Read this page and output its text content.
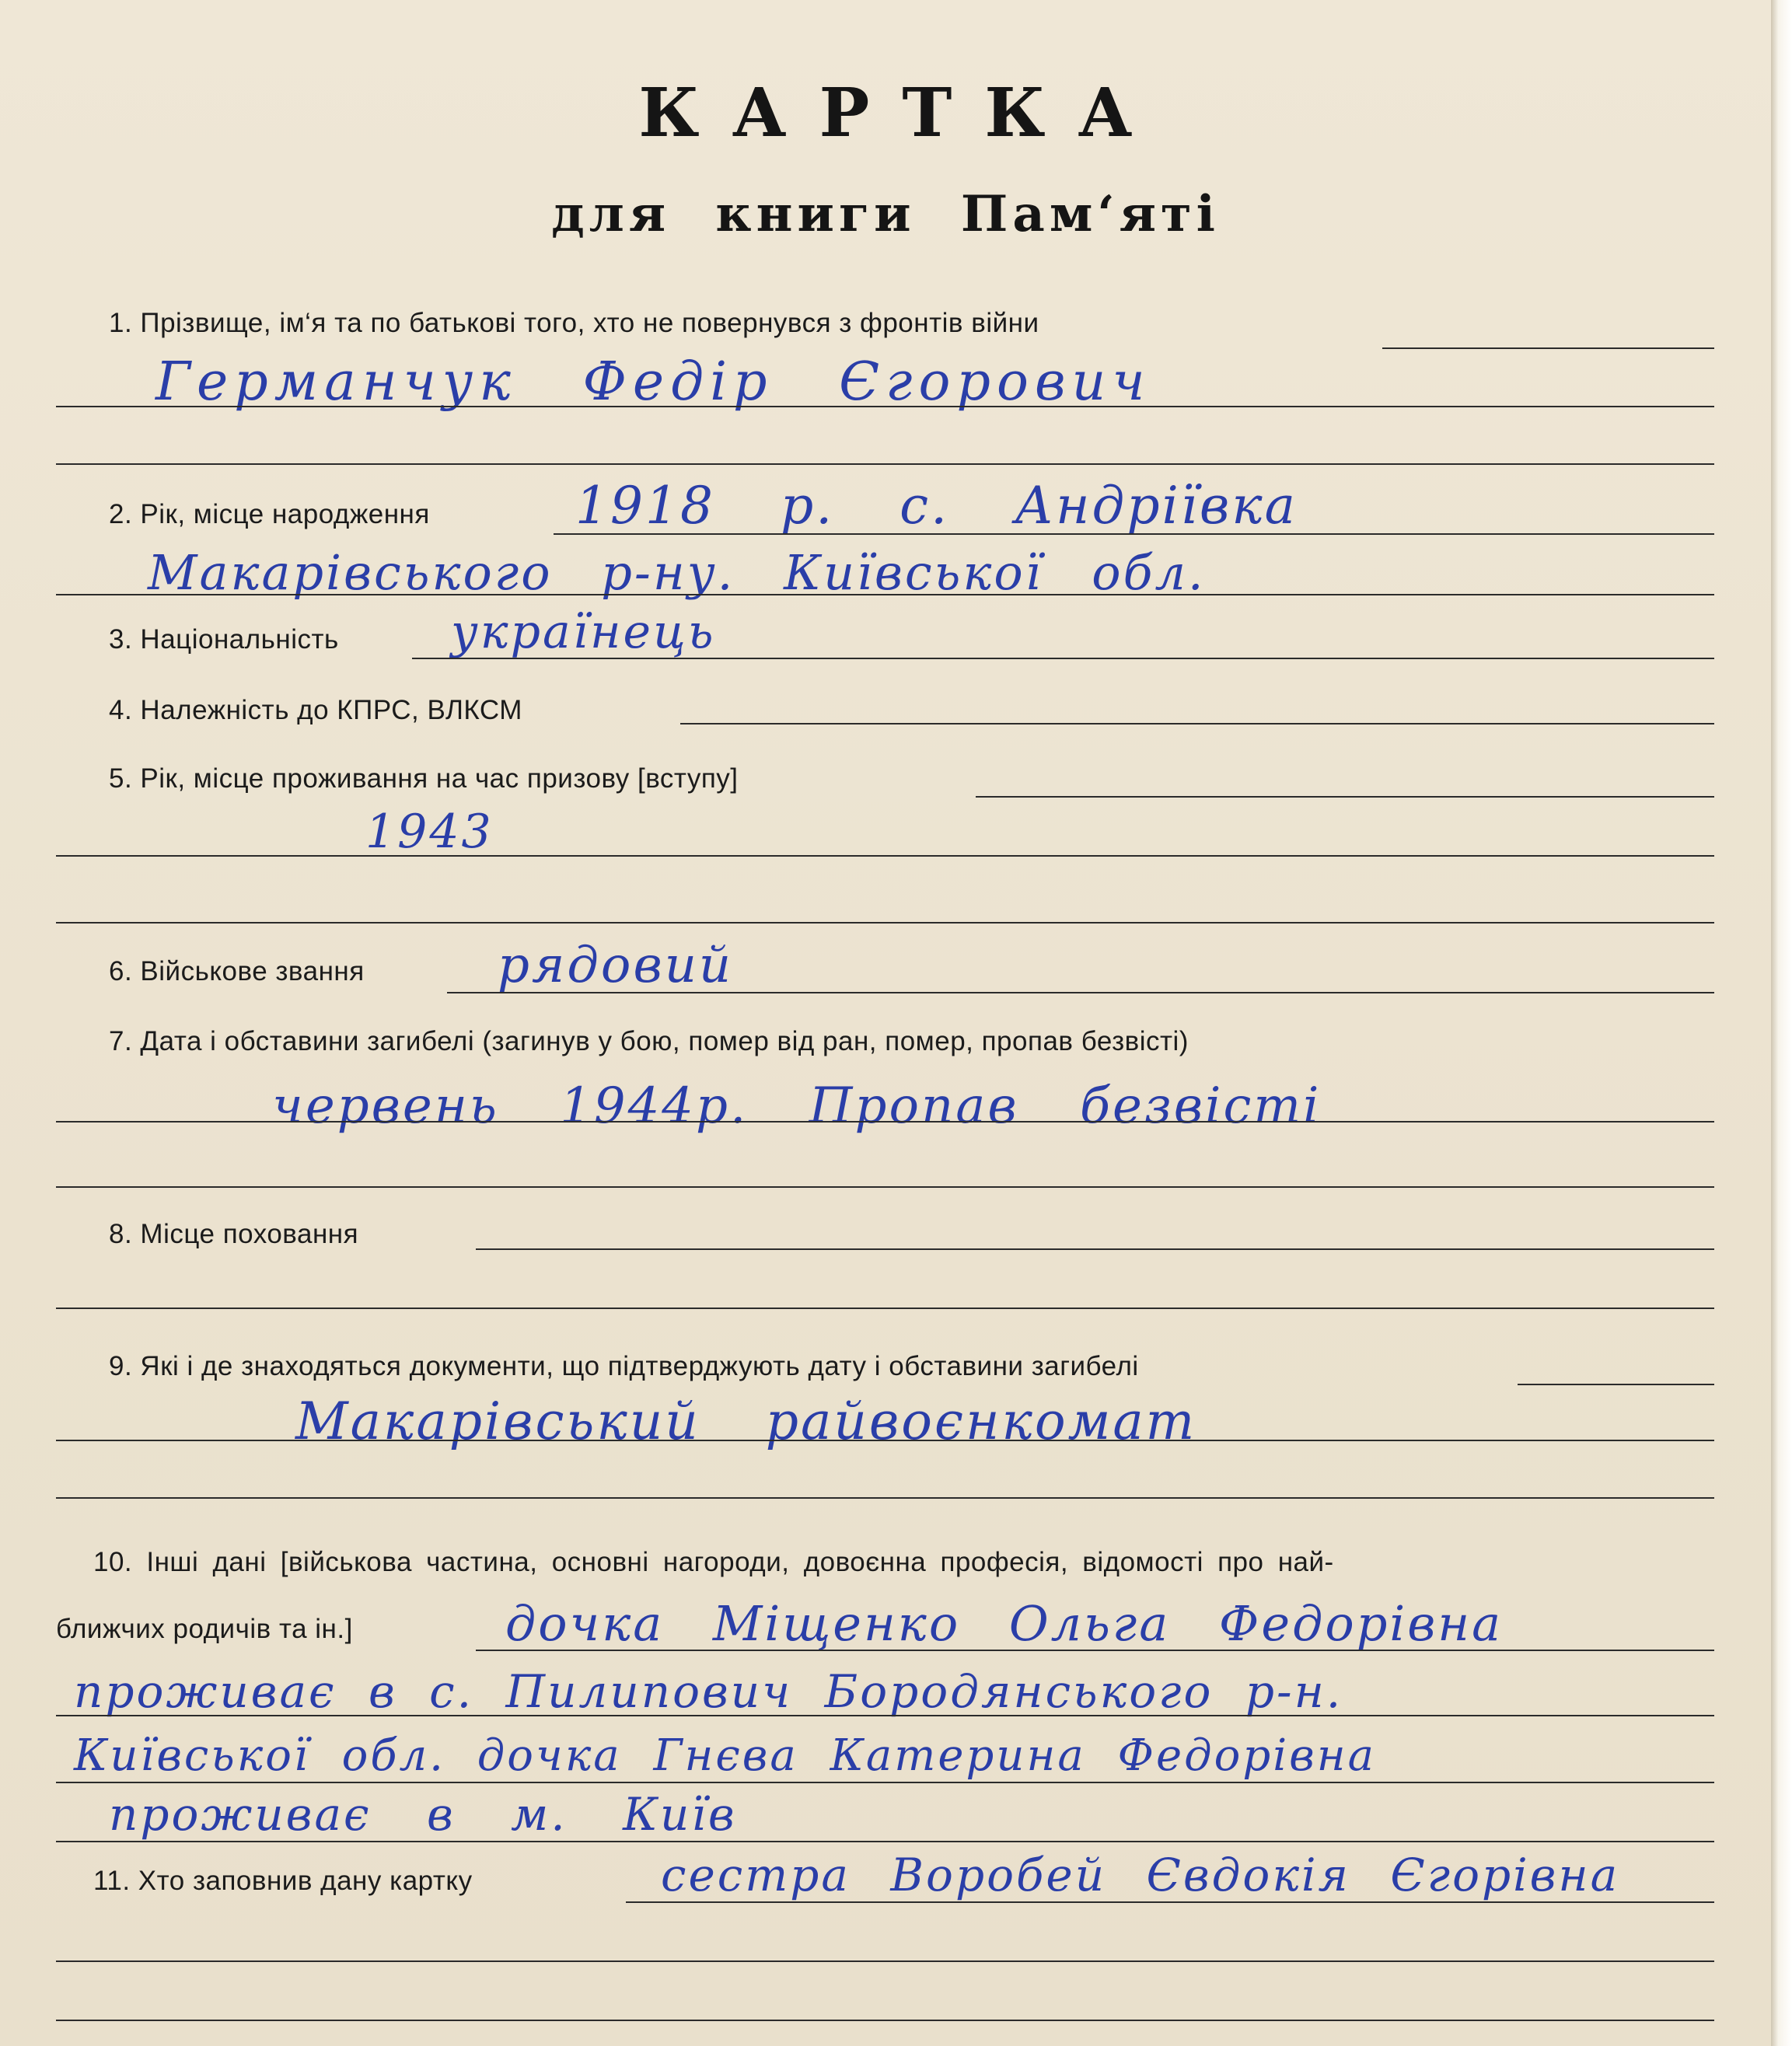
КАРТКА
для книги Пам‘яті
1. Прізвище, ім‘я та по батькові того, хто не повернувся з фронтів війни
Германчук Федір Єгорович
2. Рік, місце народження	1918 р. с. Андріївка
Макарівського р-ну. Київської обл.
3. Національність українець
4. Належність до КПРС, ВЛКСМ
5. Рік, місце проживання на час призову [вступу]
1943
6. Військове звання	рядовий
7. Дата і обставини загибелі (загинув у бою, помер від ран, помер, пропав безвісті)
червень 1944р. Пропав безвісті
8. Місце поховання
9. Які і де знаходяться документи, що підтверджують дату і обставини загибелі
Макарівський райвоєнкомат
10. Інші дані [військова частина, основні нагороди, довоєнна професія, відомості про най-
ближчих родичів та ін.]	дочка Міщенко Ольга Федорівна
проживає в с. Пилипович Бородянського р-н.
Київської обл. дочка Гнєва Катерина Федорівна
проживає в м. Київ
11. Хто заповнив дану картку	сестра Воробей Євдокія Єгорівна
